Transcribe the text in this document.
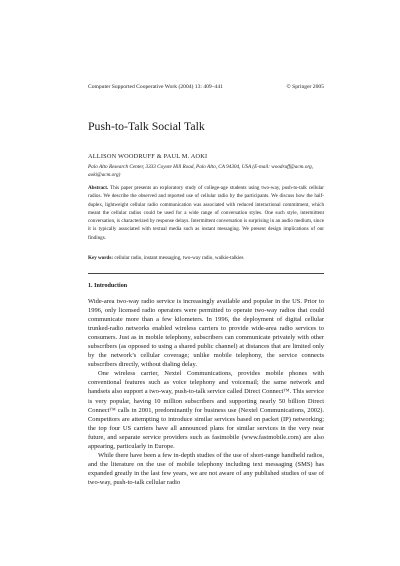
Computer Supported Cooperative Work (2004) 13: 409–441	© Springer 2005
Push-to-Talk Social Talk
ALLISON WOODRUFF & PAUL M. AOKI
Palo Alto Research Center, 3333 Coyote Hill Road, Palo Alto, CA 94304, USA (E-mail: woodruff@acm.org, aoki@acm.org)
Abstract. This paper presents an exploratory study of college-age students using two-way, push-to-talk cellular radios. We describe the observed and reported use of cellular radio by the participants. We discuss how the half-duplex, lightweight cellular radio communication was associated with reduced interactional commitment, which meant the cellular radios could be used for a wide range of conversation styles. One such style, intermittent conversation, is characterized by response delays. Intermittent conversation is surprising in an audio medium, since it is typically associated with textual media such as instant messaging. We present design implications of our findings.
Key words: cellular radio, instant messaging, two-way radio, walkie-talkies
1. Introduction

Wide-area two-way radio service is increasingly available and popular in the US. Prior to 1996, only licensed radio operators were permitted to operate two-way radios that could communicate more than a few kilometers. In 1996, the deployment of digital cellular trunked-radio networks enabled wireless carriers to provide wide-area radio services to consumers. Just as in mobile telephony, subscribers can communicate privately with other subscribers (as opposed to using a shared public channel) at distances that are limited only by the network’s cellular coverage; unlike mobile telephony, the service connects subscribers directly, without dialing delay.

One wireless carrier, Nextel Communications, provides mobile phones with conventional features such as voice telephony and voicemail; the same network and handsets also support a two-way, push-to-talk service called Direct Connect™. This service is very popular, having 10 million subscribers and supporting nearly 50 billion Direct Connect™ calls in 2001, predominantly for business use (Nextel Communications, 2002). Competitors are attempting to introduce similar services based on packet (IP) networking; the top four US carriers have all announced plans for similar services in the very near future, and separate service providers such as fastmobile (www.fastmobile.com) are also appearing, particularly in Europe.

While there have been a few in-depth studies of the use of short-range handheld radios, and the literature on the use of mobile telephony including text messaging (SMS) has expanded greatly in the last few years, we are not aware of any published studies of use of two-way, push-to-talk cellular radio
